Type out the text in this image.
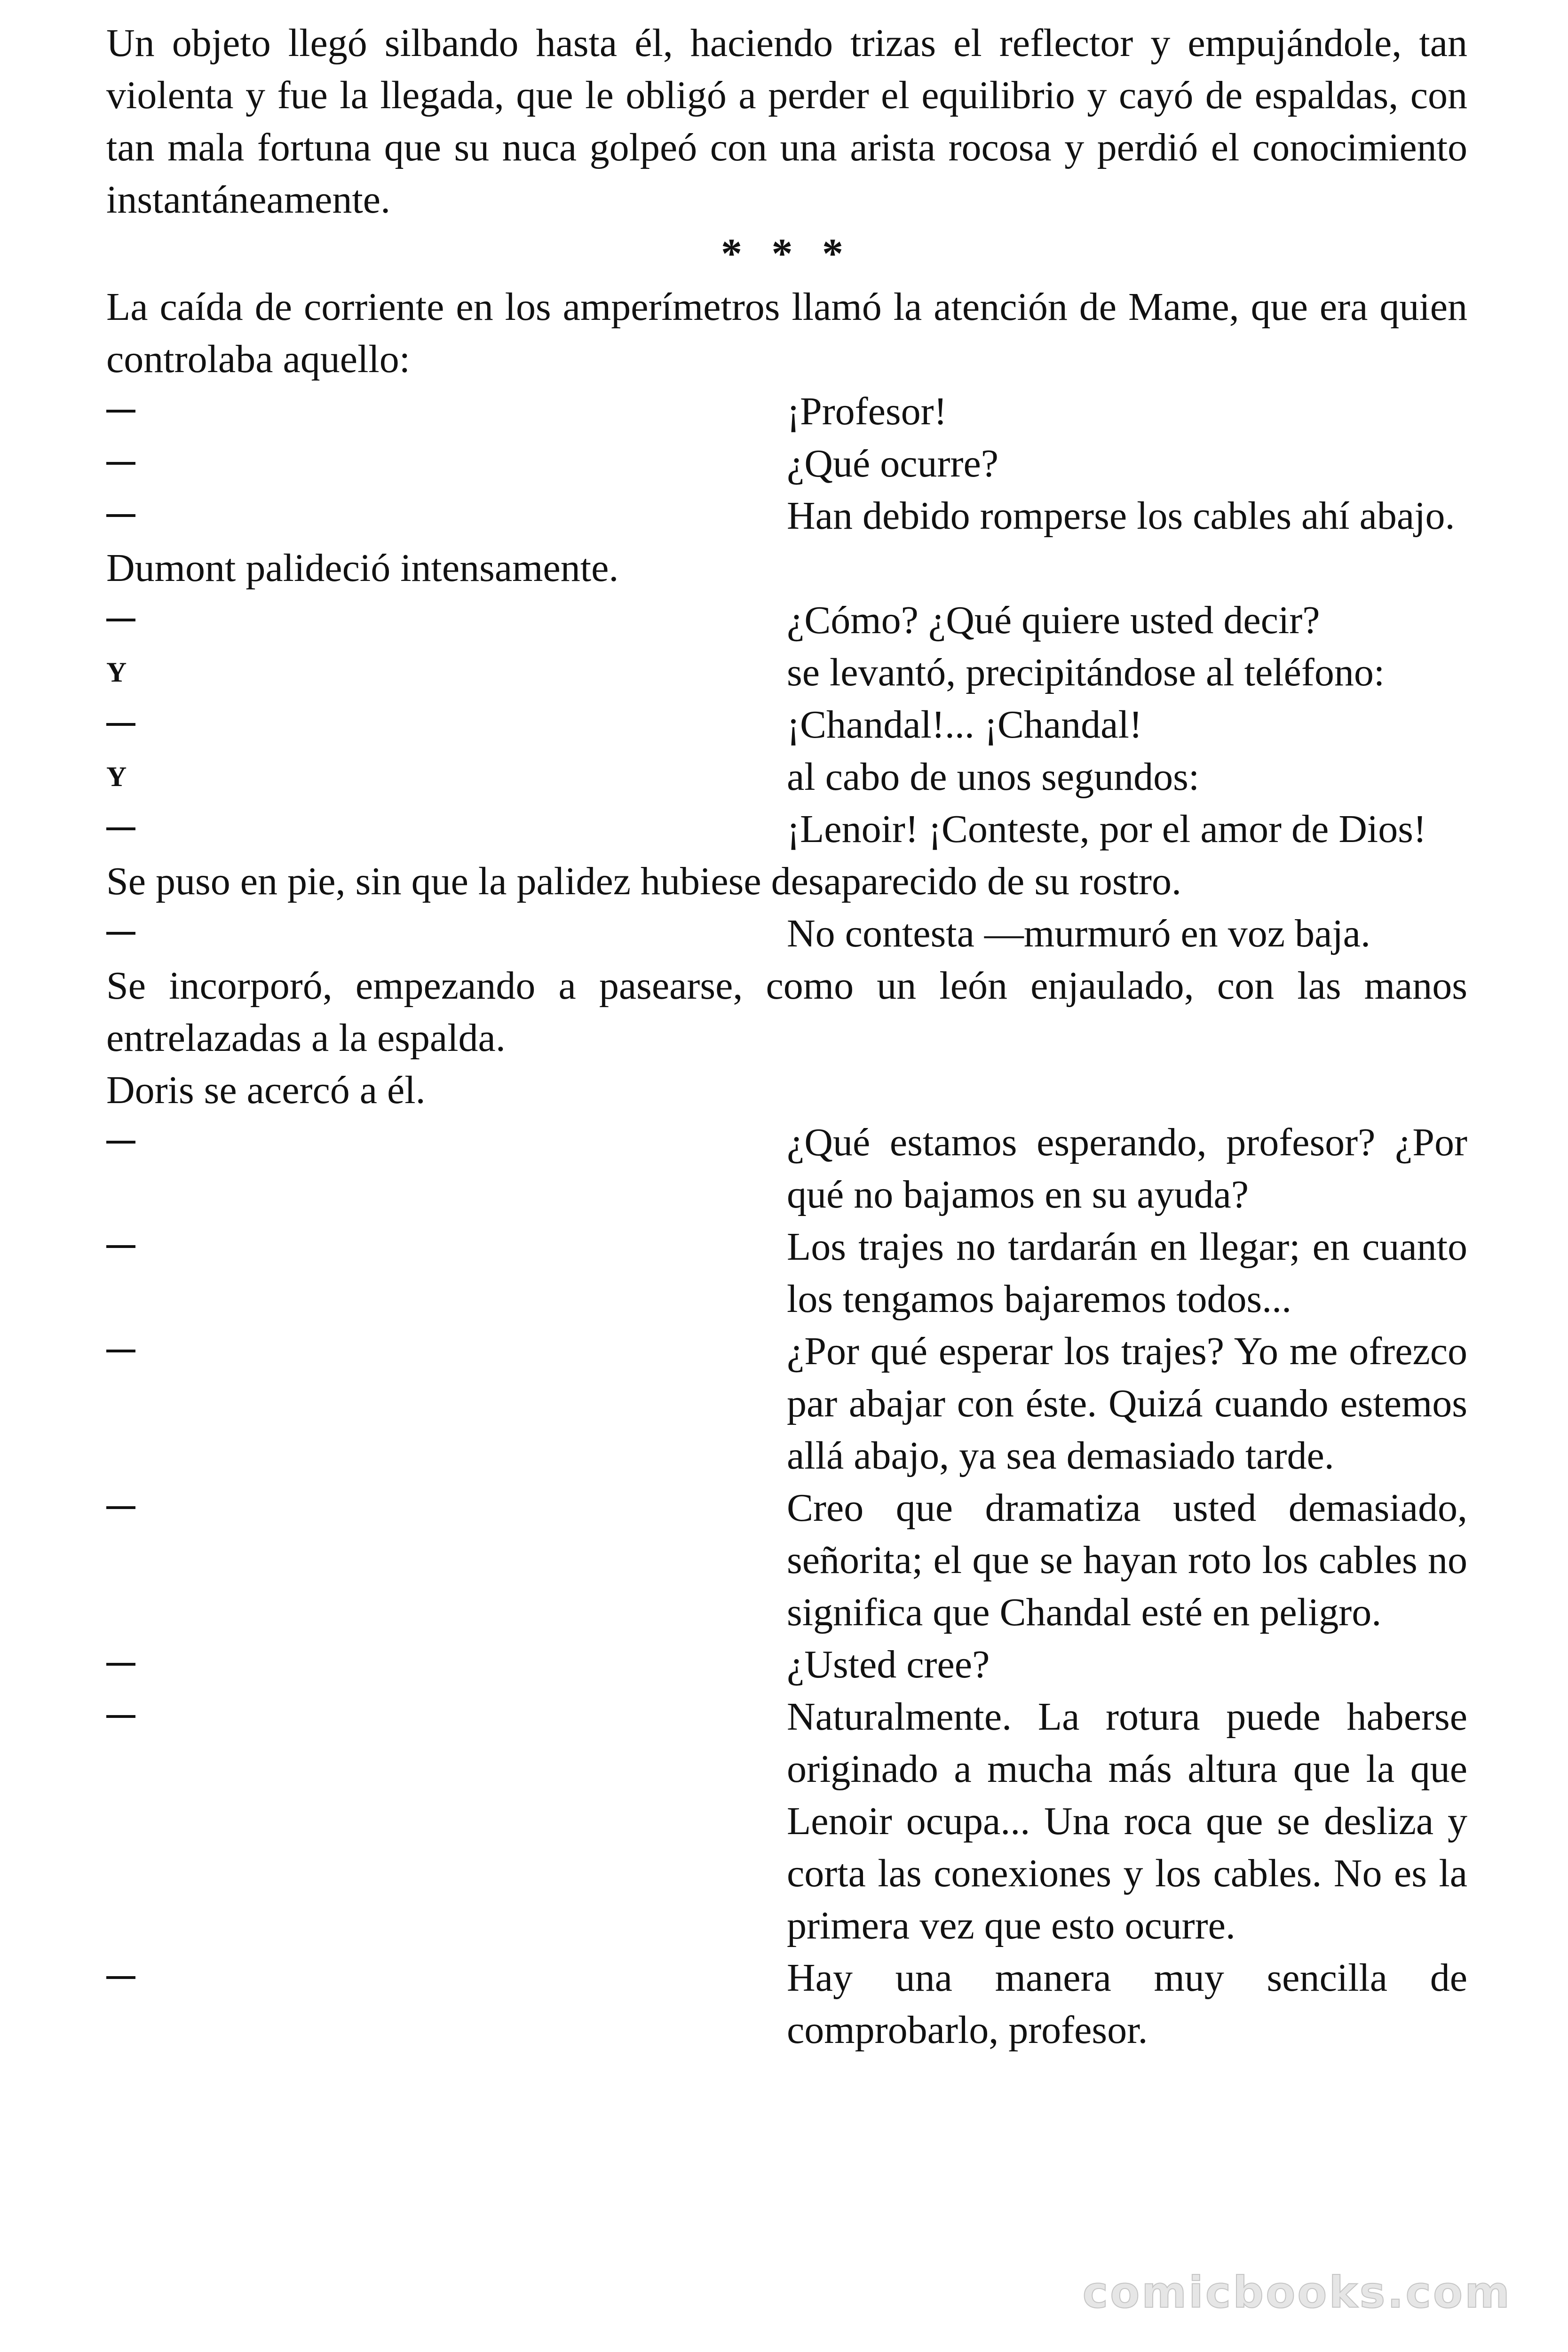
Un objeto llegó silbando hasta él, haciendo trizas el reflector y empujándole, tan violenta y fue la llegada, que le obligó a perder el equilibrio y cayó de espaldas, con tan mala fortuna que su nuca golpeó con una arista rocosa y perdió el conocimiento instantáneamente.

* * *

La caída de corriente en los amperímetros llamó la atención de Mame, que era quien controlaba aquello:

¡Profesor!
¿Qué ocurre?
Han debido romperse los cables ahí abajo.

Dumont palideció intensamente.

¿Cómo? ¿Qué quiere usted decir?
Y	se levantó, precipitándose al teléfono:
¡Chandal!... ¡Chandal!
Y	al cabo de unos segundos:
¡Lenoir! ¡Conteste, por el amor de Dios!

Se puso en pie, sin que la palidez hubiese desaparecido de su rostro.

No contesta —murmuró en voz baja.

Se incorporó, empezando a pasearse, como un león enjaulado, con las manos entrelazadas a la espalda.

Doris se acercó a él.

¿Qué estamos esperando, profesor? ¿Por qué no bajamos en su ayuda?
Los trajes no tardarán en llegar; en cuanto los tengamos bajaremos todos...
¿Por qué esperar los trajes? Yo me ofrezco par abajar con éste. Quizá cuando estemos allá abajo, ya sea demasiado tarde.
Creo que dramatiza usted demasiado, señorita; el que se hayan roto los cables no significa que Chandal esté en peligro.
¿Usted cree?
Naturalmente. La rotura puede haberse originado a mucha más altura que la que Lenoir ocupa... Una roca que se desliza y corta las conexiones y los cables. No es la primera vez que esto ocurre.
Hay una manera muy sencilla de comprobarlo, profesor.
comicbooks.com
